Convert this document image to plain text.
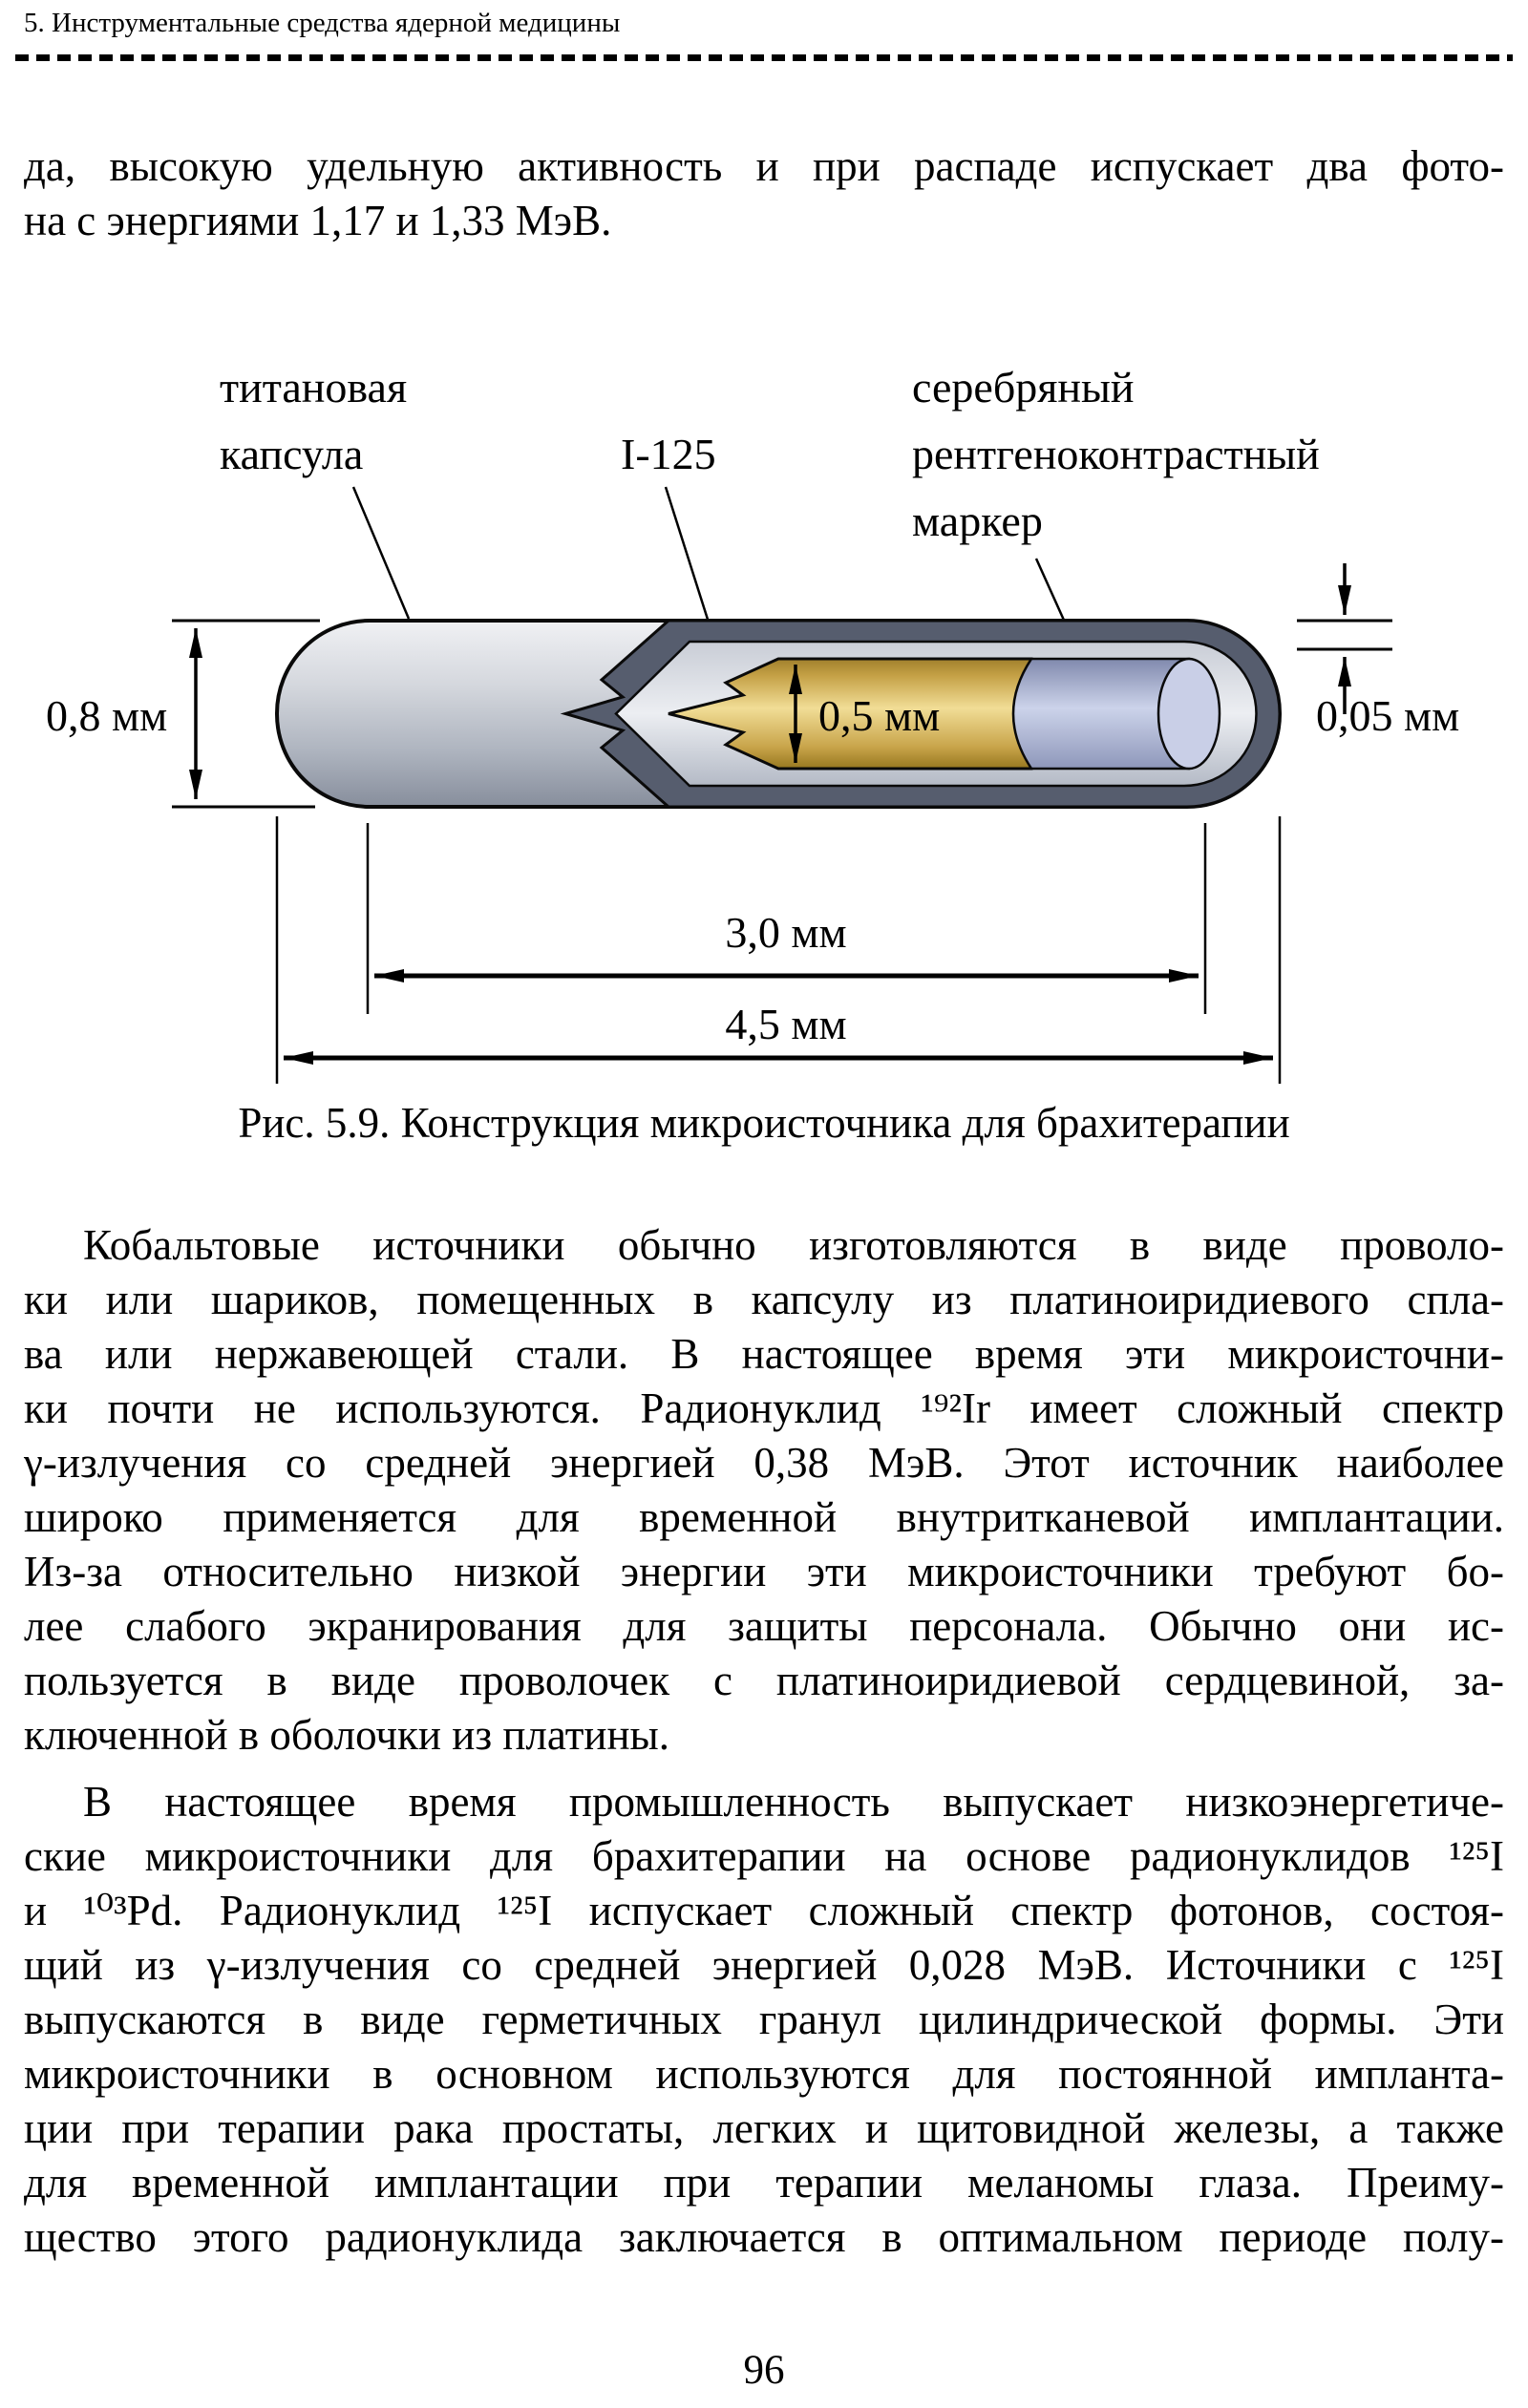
5. Инструментальные средства ядерной медицины
да, высокую удельную активность и при распаде испускает два фото-
на с энергиями 1,17 и 1,33 МэВ.
титановая
капсула	I-125
серебряный
рентгеноконтрастный
маркер
0,8 мм	0,5 мм	0,05 мм
3,0 мм
4,5 мм
Рис. 5.9. Конструкция микроисточника для брахитерапии
Кобальтовые источники обычно изготовляются в виде проволо-
ки или шариков, помещенных в капсулу из платиноиридиевого спла-
ва или нержавеющей стали. В настоящее время эти микроисточни-
ки почти не используются. Радионуклид ¹⁹²Ir имеет сложный спектр
γ-излучения со средней энергией 0,38 МэВ. Этот источник наиболее
широко применяется для временной внутритканевой имплантации.
Из-за относительно низкой энергии эти микроисточники требуют бо-
лее слабого экранирования для защиты персонала. Обычно они ис-
пользуется в виде проволочек с платиноиридиевой сердцевиной, за-
ключенной в оболочки из платины.
В настоящее время промышленность выпускает низкоэнергетиче-
ские микроисточники для брахитерапии на основе радионуклидов ¹²⁵I
и ¹⁰³Pd. Радионуклид ¹²⁵I испускает сложный спектр фотонов, состоя-
щий из γ-излучения со средней энергией 0,028 МэВ. Источники с ¹²⁵I
выпускаются в виде герметичных гранул цилиндрической формы. Эти
микроисточники в основном используются для постоянной импланта-
ции при терапии рака простаты, легких и щитовидной железы, а также
для временной имплантации при терапии меланомы глаза. Преиму-
щество этого радионуклида заключается в оптимальном периоде полу-
96
